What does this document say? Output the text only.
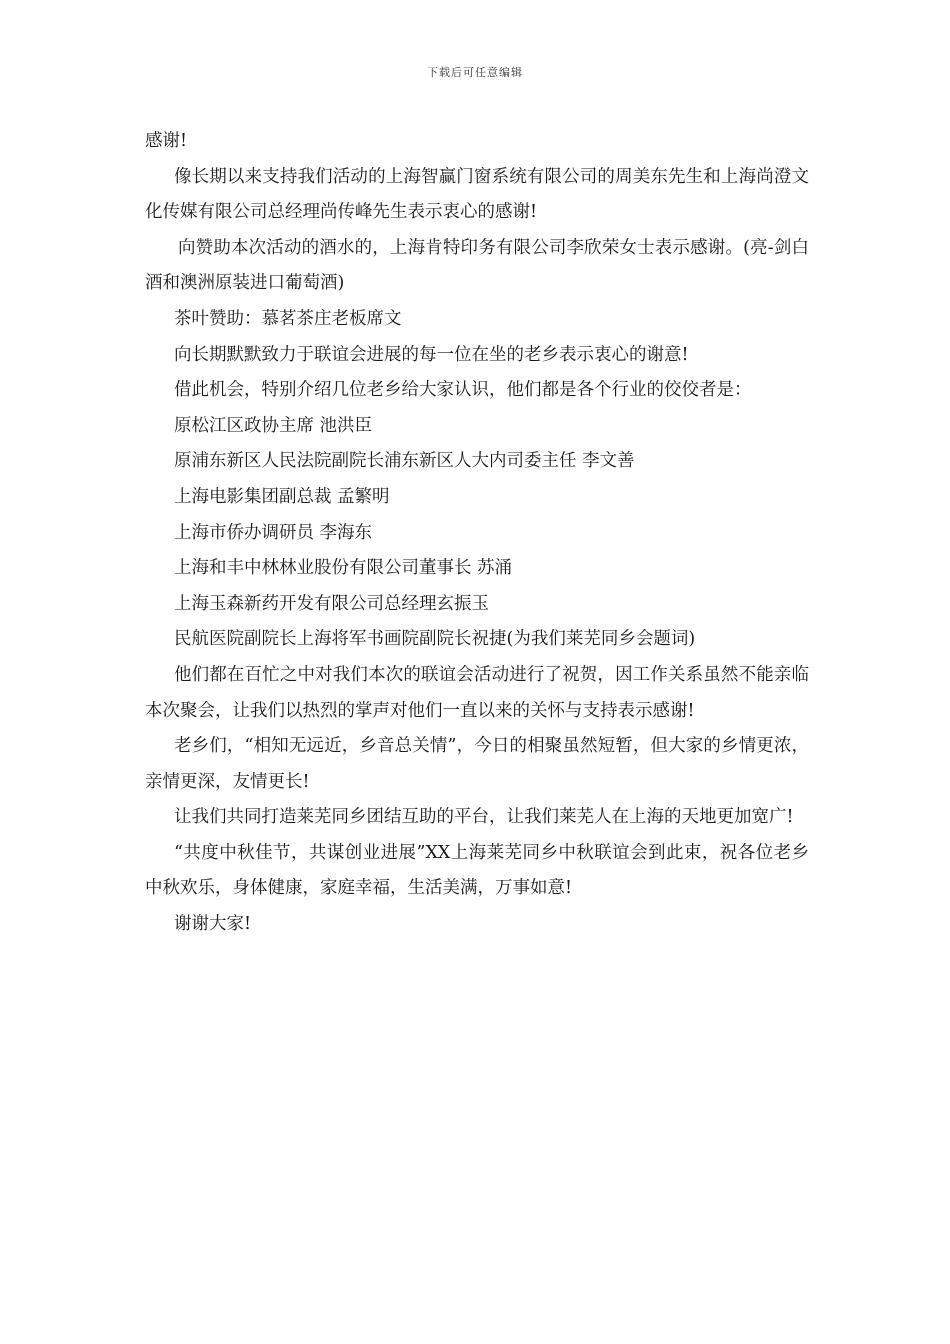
下载后可任意编辑

感谢!

像长期以来支持我们活动的上海智赢门窗系统有限公司的周美东先生和上海尚澄文化传媒有限公司总经理尚传峰先生表示衷心的感谢!

向赞助本次活动的酒水的，上海肯特印务有限公司李欣荣女士表示感谢。(亮-剑白酒和澳洲原装进口葡萄酒)

茶叶赞助：慕茗茶庄老板席文

向长期默默致力于联谊会进展的每一位在坐的老乡表示衷心的谢意!

借此机会，特别介绍几位老乡给大家认识，他们都是各个行业的佼佼者是：

原松江区政协主席 池洪臣

原浦东新区人民法院副院长浦东新区人大内司委主任 李文善

上海电影集团副总裁 孟繁明

上海市侨办调研员 李海东

上海和丰中林林业股份有限公司董事长 苏涌

上海玉森新药开发有限公司总经理玄振玉

民航医院副院长上海将军书画院副院长祝捷(为我们莱芜同乡会题词)

他们都在百忙之中对我们本次的联谊会活动进行了祝贺，因工作关系虽然不能亲临本次聚会，让我们以热烈的掌声对他们一直以来的关怀与支持表示感谢!

老乡们，“相知无远近，乡音总关情”，今日的相聚虽然短暂，但大家的乡情更浓，亲情更深，友情更长!

让我们共同打造莱芜同乡团结互助的平台，让我们莱芜人在上海的天地更加宽广!

“共度中秋佳节，共谋创业进展”XX上海莱芜同乡中秋联谊会到此束，祝各位老乡中秋欢乐，身体健康，家庭幸福，生活美满，万事如意!

谢谢大家!
